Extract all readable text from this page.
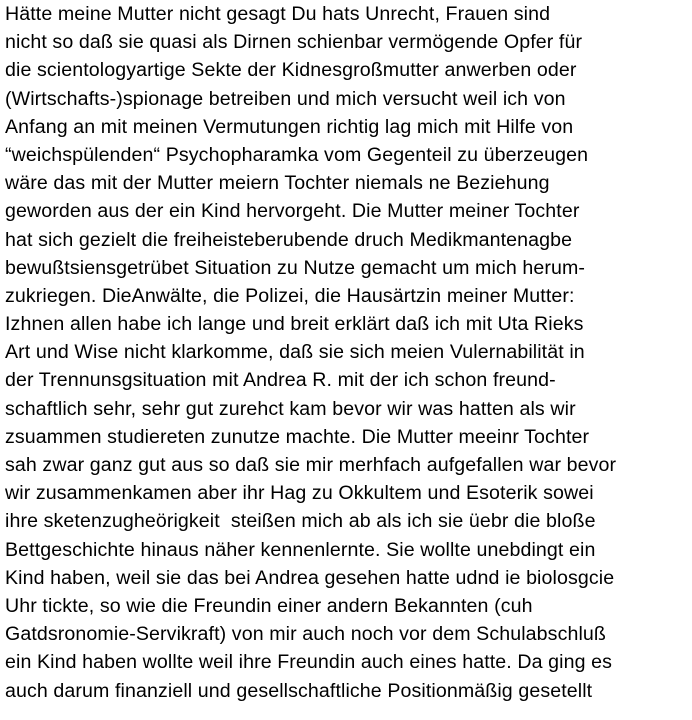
Hätte meine Mutter nicht gesagt Du hats Unrecht, Frauen sind
nicht so daß sie quasi als Dirnen schienbar vermögende Opfer für
die scientologyartige Sekte der Kidnesgroßmutter anwerben oder
(Wirtschafts-)spionage betreiben und mich versucht weil ich von
Anfang an mit meinen Vermutungen richtig lag mich mit Hilfe von
“weichspülenden“ Psychopharamka vom Gegenteil zu überzeugen
wäre das mit der Mutter meiern Tochter niemals ne Beziehung
geworden aus der ein Kind hervorgeht. Die Mutter meiner Tochter
hat sich gezielt die freiheisteberubende druch Medikmantenagbe
bewußtsiensgetrübet Situation zu Nutze gemacht um mich herum-
zukriegen. DieAnwälte, die Polizei, die Hausärtzin meiner Mutter:
Izhnen allen habe ich lange und breit erklärt daß ich mit Uta Rieks
Art und Wise nicht klarkomme, daß sie sich meien Vulernabilität in
der Trennunsgsituation mit Andrea R. mit der ich schon freund-
schaftlich sehr, sehr gut zurehct kam bevor wir was hatten als wir
zsuammen studiereten zunutze machte. Die Mutter meeinr Tochter
sah zwar ganz gut aus so daß sie mir merhfach aufgefallen war bevor
wir zusammenkamen aber ihr Hag zu Okkultem und Esoterik sowei
ihre sketenzugheörigkeit  steißen mich ab als ich sie üebr die bloße
Bettgeschichte hinaus näher kennenlernte. Sie wollte unebdingt ein
Kind haben, weil sie das bei Andrea gesehen hatte udnd ie biolosgcie
Uhr tickte, so wie die Freundin einer andern Bekannten (cuh
Gatdsronomie-Servikraft) von mir auch noch vor dem Schulabschluß
ein Kind haben wollte weil ihre Freundin auch eines hatte. Da ging es
auch darum finanziell und gesellschaftliche Positionmäßig gesetellt
